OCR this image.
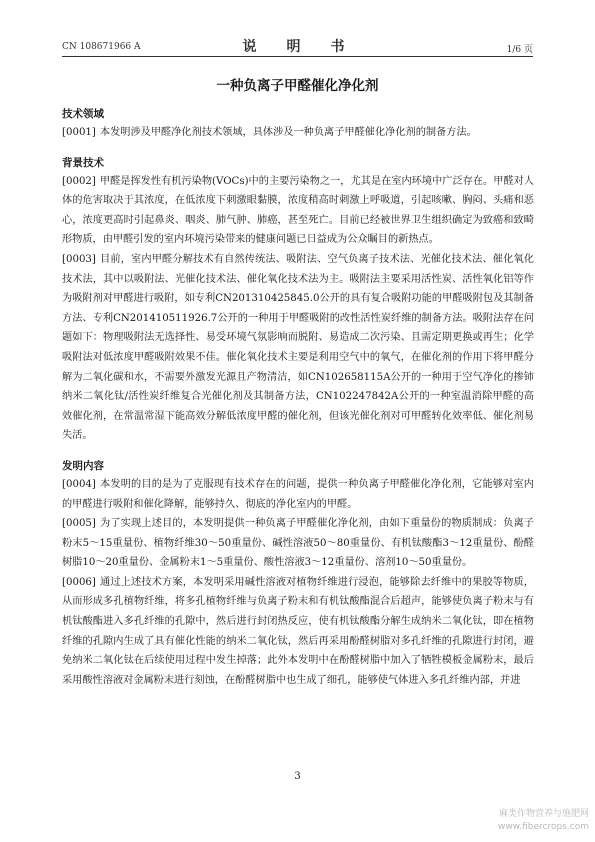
CN 108671966 A	说　明　书	1/6 页
一种负离子甲醛催化净化剂

技术领域

[0001] 本发明涉及甲醛净化剂技术领域，具体涉及一种负离子甲醛催化净化剂的制备方法。

背景技术

[0002] 甲醛是挥发性有机污染物(VOCs)中的主要污染物之一，尤其是在室内环境中广泛存在。甲醛对人体的危害取决于其浓度，在低浓度下刺激眼黏膜，浓度稍高时刺激上呼吸道，引起咳嗽、胸闷、头痛和恶心，浓度更高时引起鼻炎、咽炎、肺气肿、肺癌，甚至死亡。目前已经被世界卫生组织确定为致癌和致畸形物质，由甲醛引发的室内环境污染带来的健康问题已日益成为公众瞩目的新热点。

[0003] 目前，室内甲醛分解技术有自然传统法、吸附法、空气负离子技术法、光催化技术法、催化氧化技术法，其中以吸附法、光催化技术法、催化氧化技术法为主。吸附法主要采用活性炭、活性氧化铝等作为吸附剂对甲醛进行吸附，如专利CN201310425845.0公开的具有复合吸附功能的甲醛吸附包及其制备方法、专利CN201410511926.7公开的一种用于甲醛吸附的改性活性炭纤维的制备方法。吸附法存在问题如下：物理吸附法无选择性、易受环境气氛影响而脱附、易造成二次污染、且需定期更换或再生；化学吸附法对低浓度甲醛吸附效果不佳。催化氧化技术主要是利用空气中的氧气，在催化剂的作用下将甲醛分解为二氧化碳和水，不需要外激发光源且产物清洁，如CN102658115A公开的一种用于空气净化的掺铈纳米二氧化钛/活性炭纤维复合光催化剂及其制备方法，CN102247842A公开的一种室温消除甲醛的高效催化剂，在常温常湿下能高效分解低浓度甲醛的催化剂，但该光催化剂对可甲醛转化效率低、催化剂易失活。

发明内容

[0004] 本发明的目的是为了克服现有技术存在的问题，提供一种负离子甲醛催化净化剂，它能够对室内的甲醛进行吸附和催化降解，能够持久、彻底的净化室内的甲醛。

[0005] 为了实现上述目的，本发明提供一种负离子甲醛催化净化剂，由如下重量份的物质制成：负离子粉末5～15重量份、植物纤维30～50重量份、碱性溶液50～80重量份、有机钛酸酯3～12重量份、酚醛树脂10～20重量份、金属粉末1～5重量份、酸性溶液3～12重量份、溶剂10～50重量份。

[0006] 通过上述技术方案，本发明采用碱性溶液对植物纤维进行浸泡，能够除去纤维中的果胶等物质，从而形成多孔植物纤维，将多孔植物纤维与负离子粉末和有机钛酸酯混合后超声，能够使负离子粉末与有机钛酸酯进入多孔纤维的孔隙中，然后进行封闭热反应，使有机钛酸酯分解生成纳米二氧化钛，即在植物纤维的孔隙内生成了具有催化性能的纳米二氧化钛，然后再采用酚醛树脂对多孔纤维的孔隙进行封闭，避免纳米二氧化钛在后续使用过程中发生掉落；此外本发明中在酚醛树脂中加入了牺牲模板金属粉末，最后采用酸性溶液对金属粉末进行刻蚀，在酚醛树脂中也生成了细孔，能够使气体进入多孔纤维内部，并进

3
麻类作物营养与施肥网
www.fibercrops.com
